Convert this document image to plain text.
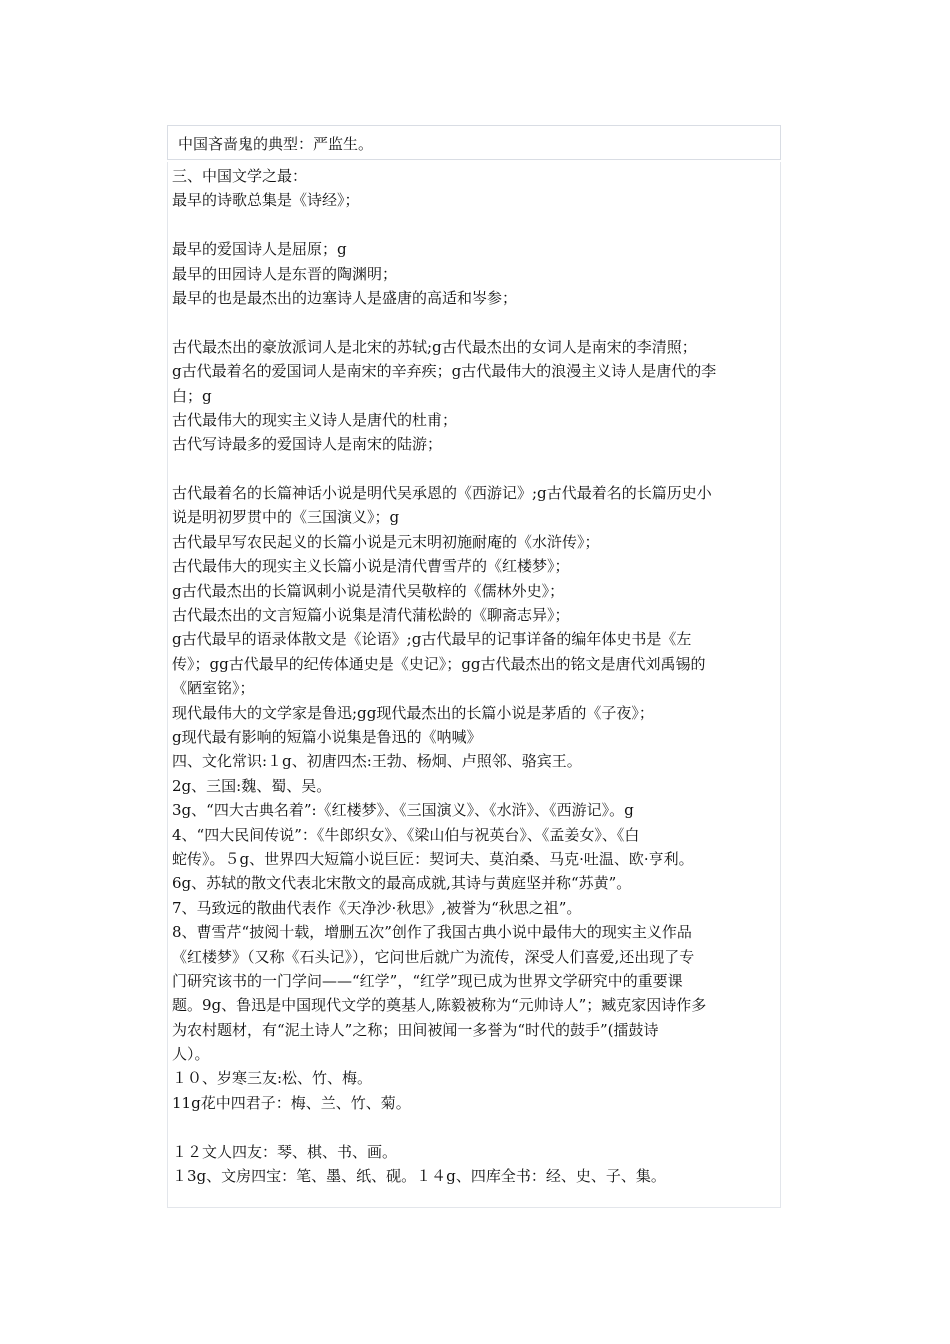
中国吝啬鬼的典型：严监生。
三、中国文学之最：
最早的诗歌总集是《诗经》；
最早的爱国诗人是屈原；ց
最早的田园诗人是东晋的陶渊明；
最早的也是最杰出的边塞诗人是盛唐的高适和岑参；
古代最杰出的豪放派词人是北宋的苏轼;ց古代最杰出的女词人是南宋的李清照；
ց古代最着名的爱国词人是南宋的辛弃疾；ց古代最伟大的浪漫主义诗人是唐代的李
白；ց
古代最伟大的现实主义诗人是唐代的杜甫；
古代写诗最多的爱国诗人是南宋的陆游；
古代最着名的长篇神话小说是明代吴承恩的《西游记》;ց古代最着名的长篇历史小
说是明初罗贯中的《三国演义》；ց
古代最早写农民起义的长篇小说是元末明初施耐庵的《水浒传》；
古代最伟大的现实主义长篇小说是清代曹雪芹的《红楼梦》；
ց古代最杰出的长篇讽刺小说是清代吴敬梓的《儒林外史》；
古代最杰出的文言短篇小说集是清代蒲松龄的《聊斋志异》；
ց古代最早的语录体散文是《论语》;ց古代最早的记事详备的编年体史书是《左
传》；ցց古代最早的纪传体通史是《史记》；ցց古代最杰出的铭文是唐代刘禹锡的
《陋室铭》；
现代最伟大的文学家是鲁迅;ցց现代最杰出的长篇小说是茅盾的《子夜》；
ց现代最有影响的短篇小说集是鲁迅的《呐喊》
四、文化常识:１ց、初唐四杰:王勃、杨炯、卢照邻、骆宾王。
2ց、三国:魏、蜀、吴。
3ց、“四大古典名着”:《红楼梦》、《三国演义》、《水浒》、《西游记》。ց
4、“四大民间传说”：《牛郎织女》、《梁山伯与祝英台》、《孟姜女》、《白
蛇传》。５ց、世界四大短篇小说巨匠：契诃夫、莫泊桑、马克·吐温、欧·亨利。
6ց、苏轼的散文代表北宋散文的最高成就,其诗与黄庭坚并称“苏黄”。
7、马致远的散曲代表作《天净沙·秋思》,被誉为“秋思之祖”。
8、曹雪芹“披阅十载，增删五次”创作了我国古典小说中最伟大的现实主义作品
《红楼梦》（又称《石头记》），它问世后就广为流传，深受人们喜爱,还出现了专
门研究该书的一门学问——“红学”，“红学”现已成为世界文学研究中的重要课
题。9ց、鲁迅是中国现代文学的奠基人,陈毅被称为“元帅诗人”；臧克家因诗作多
为农村题材，有“泥土诗人”之称；田间被闻一多誉为“时代的鼓手”(擂鼓诗
人）。
１０、岁寒三友:松、竹、梅。
11ց花中四君子：梅、兰、竹、菊。
１２文人四友：琴、棋、书、画。
１3ց、文房四宝：笔、墨、纸、砚。１４ց、四库全书：经、史、子、集。
